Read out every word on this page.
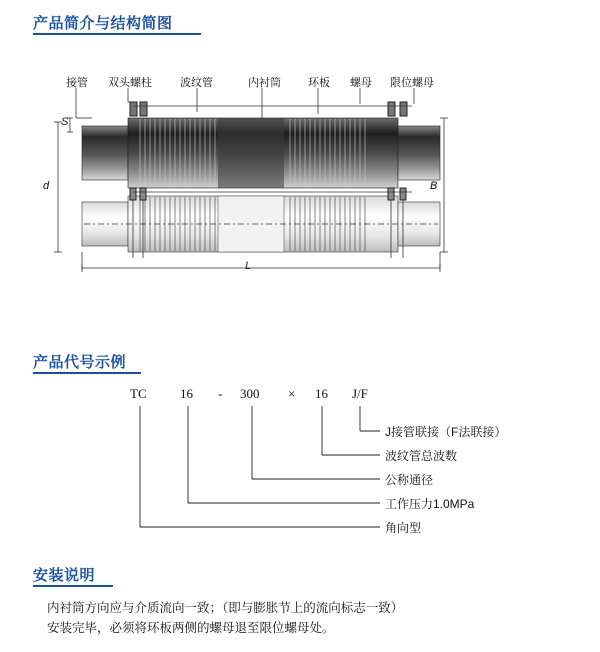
产品简介与结构简图
接管 双头螺柱	波纹管	内衬筒 环板 螺母 限位螺母
S
d	B
L
产品代号示例
TC	16 - 300 × 16 J/F
J接管联接（F法联接）
波纹管总波数
公称通径
工作压力1.0MPa
角向型
安装说明
内衬筒方向应与介质流向一致；（即与膨胀节上的流向标志一致）
安装完毕，必须将环板两侧的螺母退至限位螺母处。
